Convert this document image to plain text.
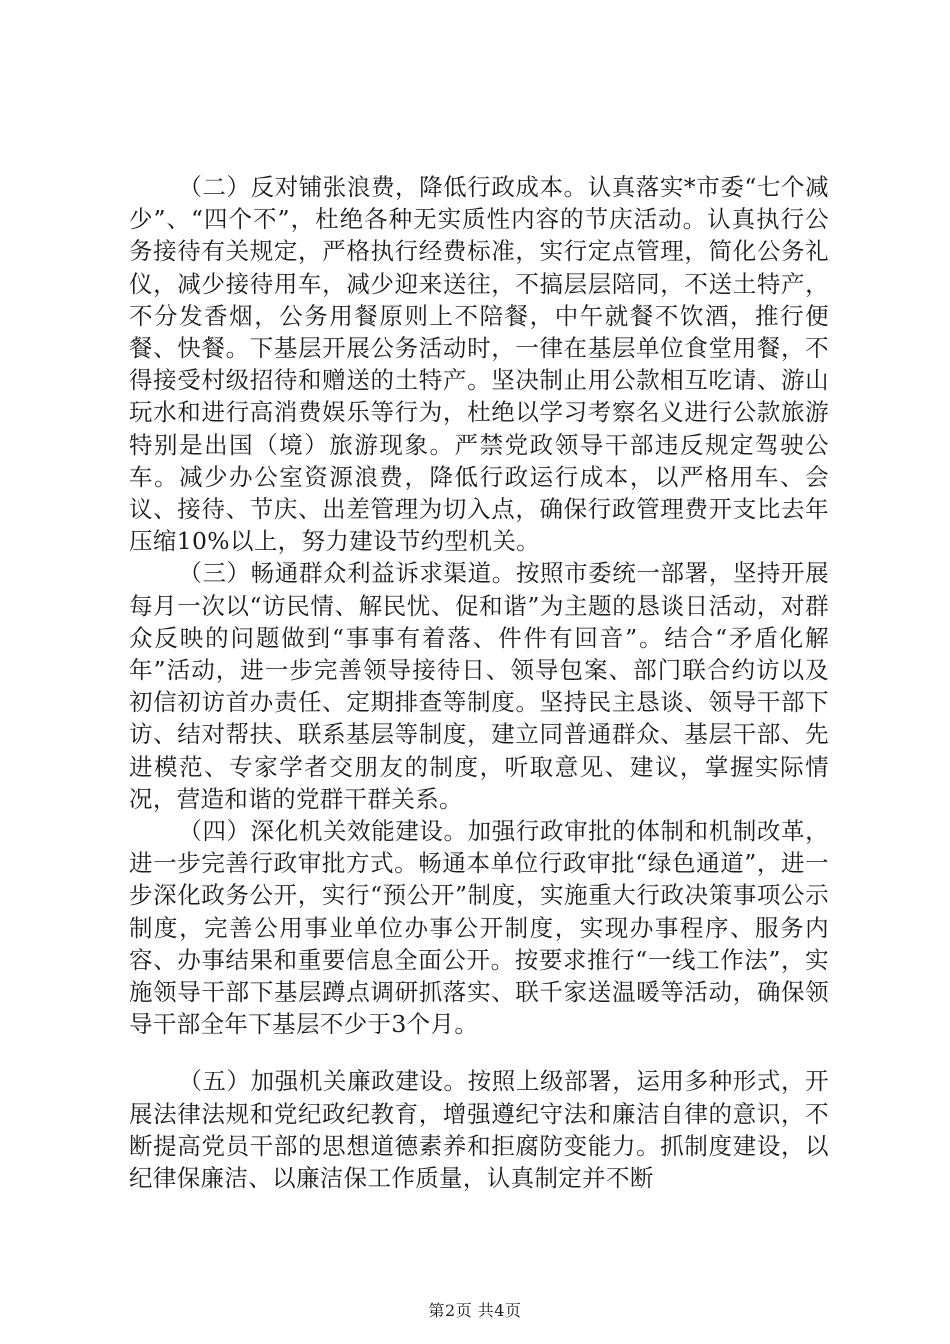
（二）反对铺张浪费，降低行政成本。认真落实*市委“七个减少”、“四个不”，杜绝各种无实质性内容的节庆活动。认真执行公务接待有关规定，严格执行经费标准，实行定点管理，简化公务礼仪，减少接待用车，减少迎来送往，不搞层层陪同，不送土特产，不分发香烟，公务用餐原则上不陪餐，中午就餐不饮酒，推行便餐、快餐。下基层开展公务活动时，一律在基层单位食堂用餐，不得接受村级招待和赠送的土特产。坚决制止用公款相互吃请、游山玩水和进行高消费娱乐等行为，杜绝以学习考察名义进行公款旅游特别是出国（境）旅游现象。严禁党政领导干部违反规定驾驶公车。减少办公室资源浪费，降低行政运行成本，以严格用车、会议、接待、节庆、出差管理为切入点，确保行政管理费开支比去年压缩10%以上，努力建设节约型机关。

（三）畅通群众利益诉求渠道。按照市委统一部署，坚持开展每月一次以“访民情、解民忧、促和谐”为主题的恳谈日活动，对群众反映的问题做到“事事有着落、件件有回音”。结合“矛盾化解年”活动，进一步完善领导接待日、领导包案、部门联合约访以及初信初访首办责任、定期排查等制度。坚持民主恳谈、领导干部下访、结对帮扶、联系基层等制度，建立同普通群众、基层干部、先进模范、专家学者交朋友的制度，听取意见、建议，掌握实际情况，营造和谐的党群干群关系。

（四）深化机关效能建设。加强行政审批的体制和机制改革，进一步完善行政审批方式。畅通本单位行政审批“绿色通道”，进一步深化政务公开，实行“预公开”制度，实施重大行政决策事项公示制度，完善公用事业单位办事公开制度，实现办事程序、服务内容、办事结果和重要信息全面公开。按要求推行“一线工作法”，实施领导干部下基层蹲点调研抓落实、联千家送温暖等活动，确保领导干部全年下基层不少于3个月。

（五）加强机关廉政建设。按照上级部署，运用多种形式，开展法律法规和党纪政纪教育，增强遵纪守法和廉洁自律的意识，不断提高党员干部的思想道德素养和拒腐防变能力。抓制度建设，以纪律保廉洁、以廉洁保工作质量，认真制定并不断

第2页 共4页
